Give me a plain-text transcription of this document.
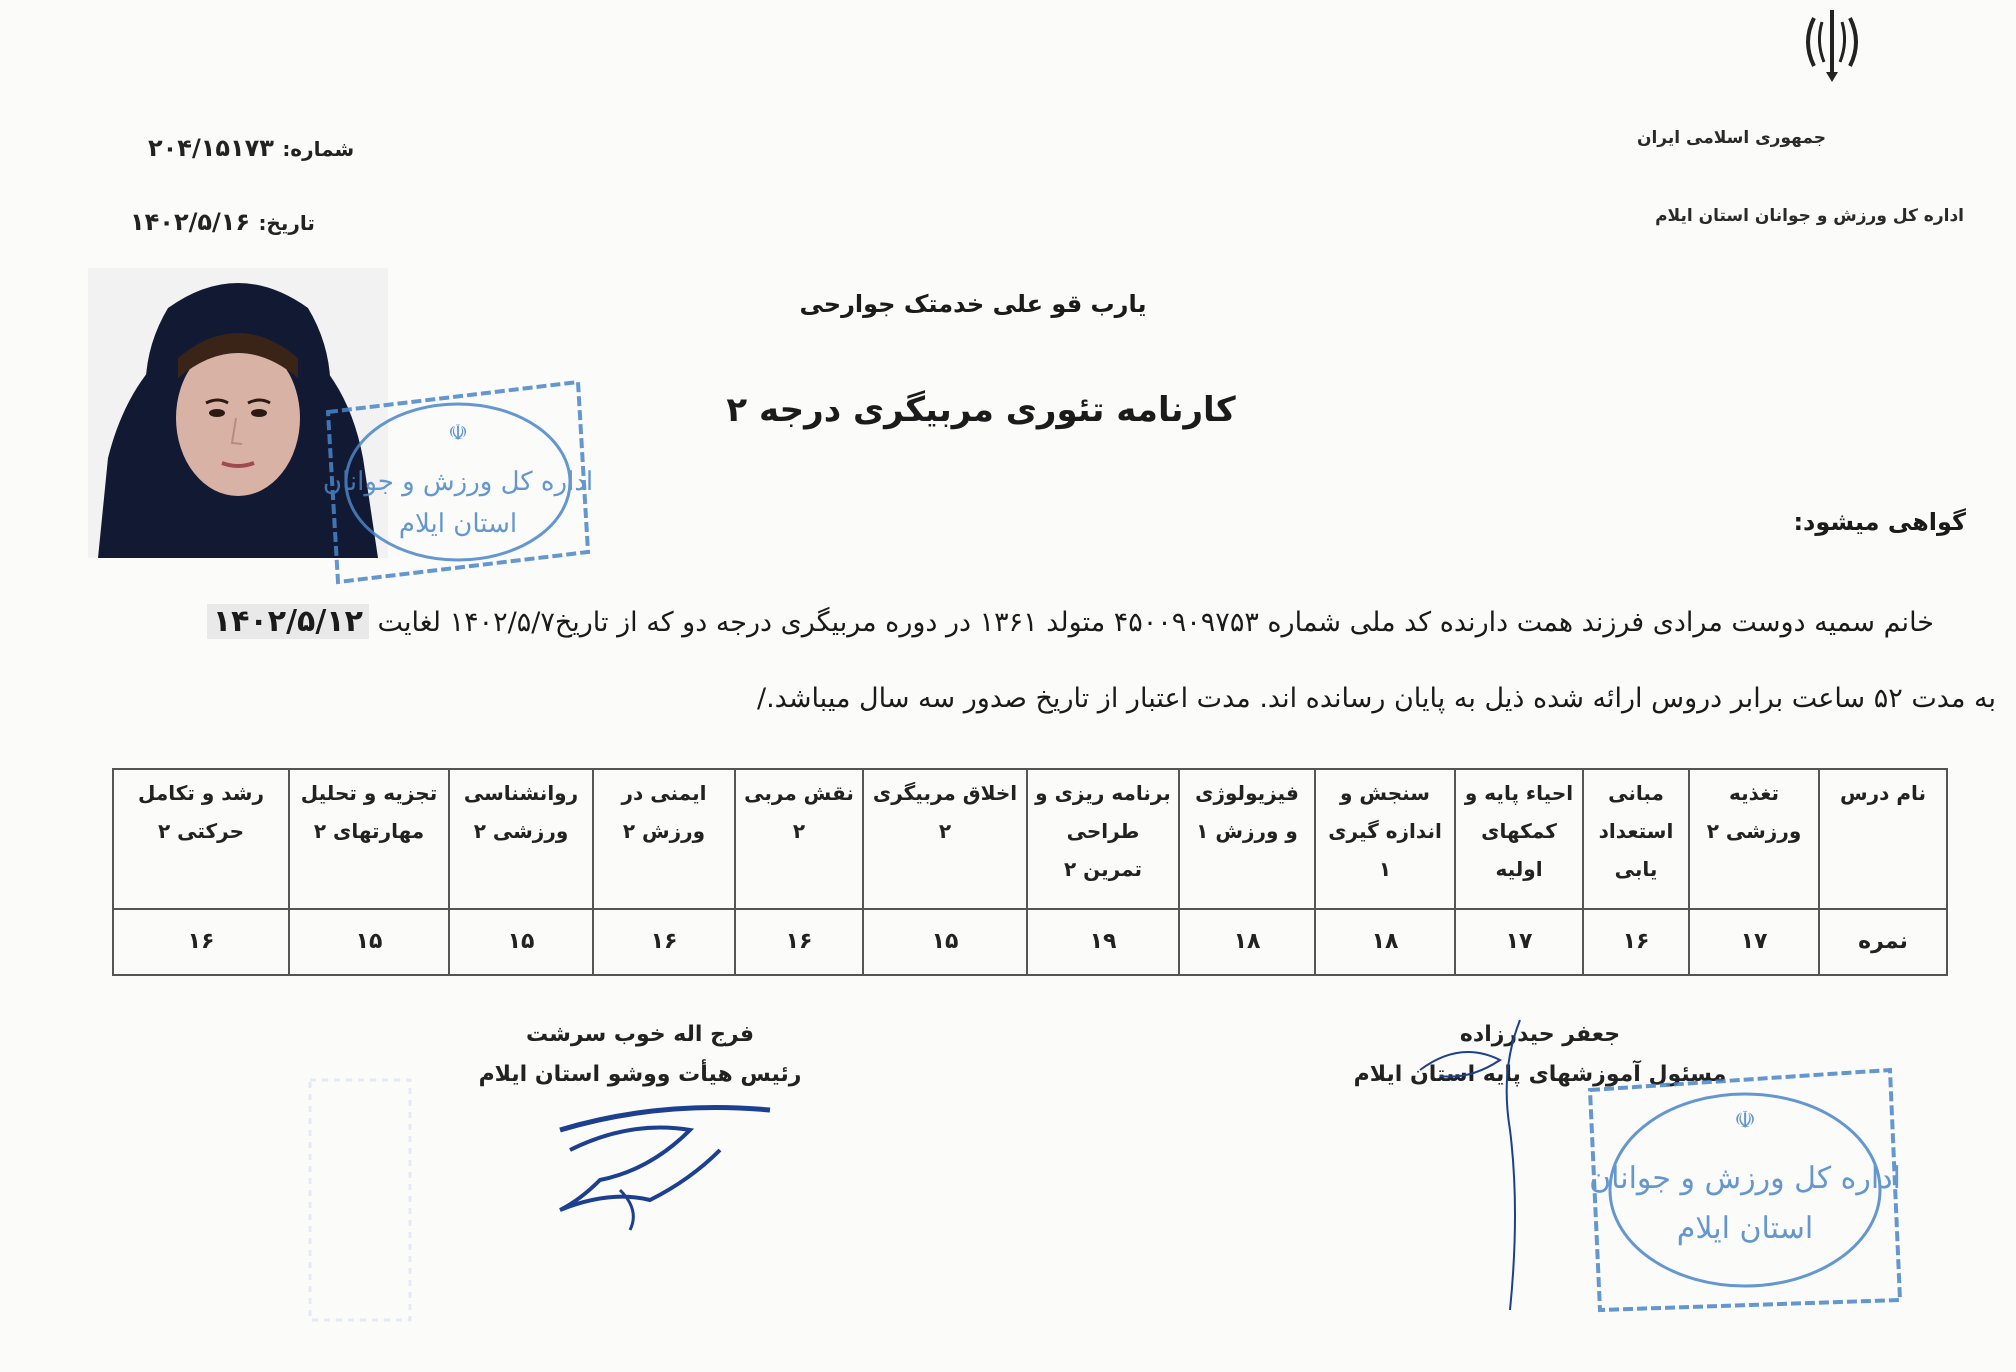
جمهوری اسلامی ایران
اداره کل ورزش و جوانان استان ایلام
شماره: ۲۰۴/۱۵۱۷۳
تاریخ: ۱۴۰۲/۵/۱۶
☫
اداره کل ورزش و جوانان
استان ایلام
یارب قو علی خدمتک جوارحی
کارنامه تئوری مربیگری درجه ۲
گواهی میشود:
خانم سمیه دوست مرادی فرزند همت دارنده کد ملی شماره ۴۵۰۰۹۰۹۷۵۳ متولد ۱۳۶۱ در دوره مربیگری درجه دو که از تاریخ۱۴۰۲/۵/۷ لغایت ۱۴۰۲/۵/۱۲
به مدت ۵۲ ساعت برابر دروس ارائه شده ذیل به پایان رسانده اند. مدت اعتبار از تاریخ صدور سه سال میباشد./
نام درس	تغذیه ورزشی ۲	مبانی استعداد یابی	احیاء پایه و کمکهای اولیه	سنجش و اندازه گیری ۱	فیزیولوژی و ورزش ۱	برنامه ریزی و طراحی تمرین ۲	اخلاق مربیگری ۲	نقش مربی ۲	ایمنی در ورزش ۲	روانشناسی ورزشی ۲	تجزیه و تحلیل مهارتهای ۲	رشد و تکامل حرکتی ۲
نمره	۱۷	۱۶	۱۷	۱۸	۱۸	۱۹	۱۵	۱۶	۱۶	۱۵	۱۵	۱۶
جعفر حیدرزاده
مسئول آموزشهای پایه استان ایلام
فرج اله خوب سرشت
رئیس هیأت ووشو استان ایلام
☫
اداره کل ورزش و جوانان
استان ایلام
